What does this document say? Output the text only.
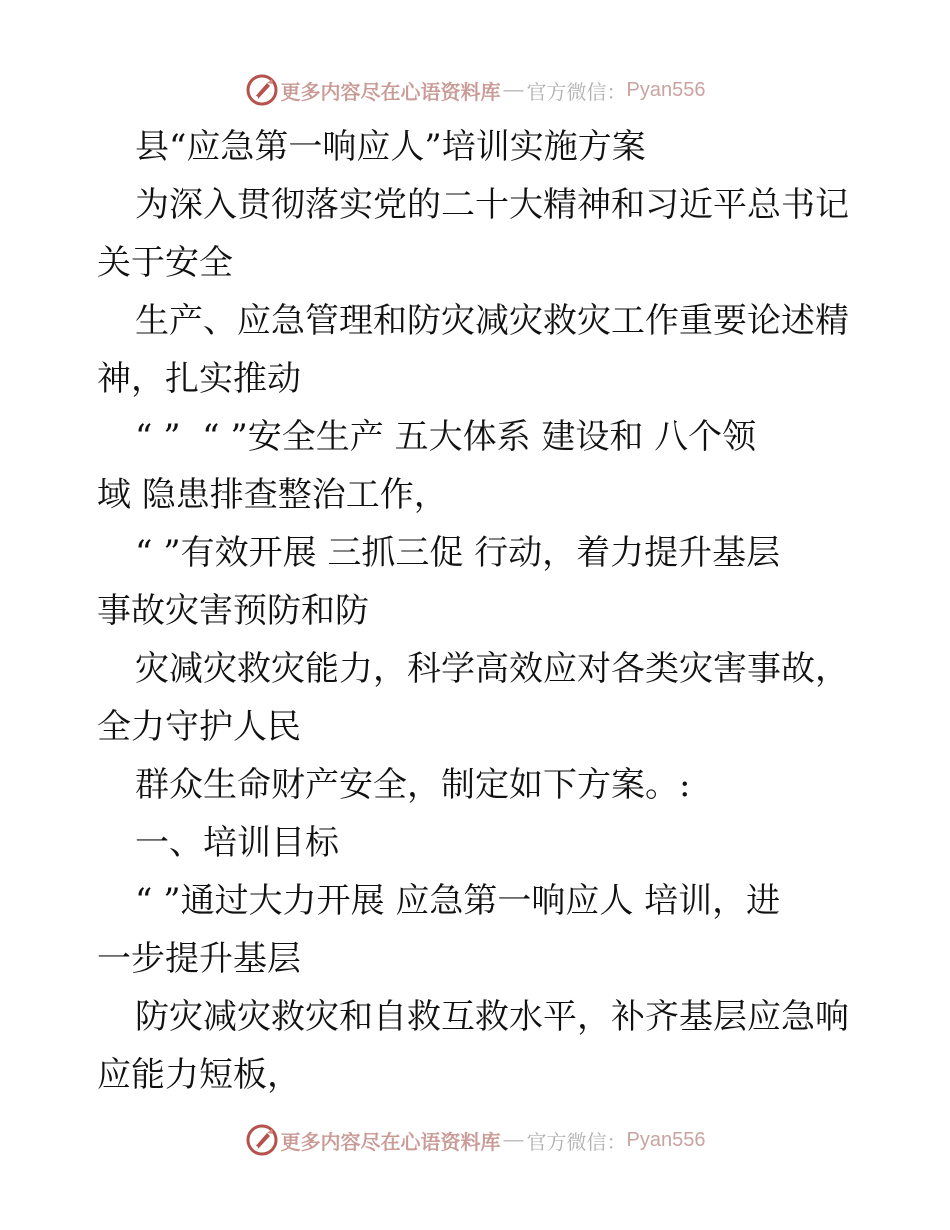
更多内容尽在心语资料库 — 官方微信： Pyan556
县“应急第一响应人”培训实施方案
为深入贯彻落实党的二十大精神和习近平总书记
关于安全
生产、应急管理和防灾减灾救灾工作重要论述精
神，扎实推动
“ ”  “ ”安全生产 五大体系 建设和 八个领
域 隐患排查整治工作，
“ ”有效开展 三抓三促 行动，着力提升基层
事故灾害预防和防
灾减灾救灾能力，科学高效应对各类灾害事故，
全力守护人民
群众生命财产安全，制定如下方案。:
一、培训目标
“ ”通过大力开展 应急第一响应人 培训，进
一步提升基层
防灾减灾救灾和自救互救水平，补齐基层应急响
应能力短板，
更多内容尽在心语资料库 — 官方微信： Pyan556
